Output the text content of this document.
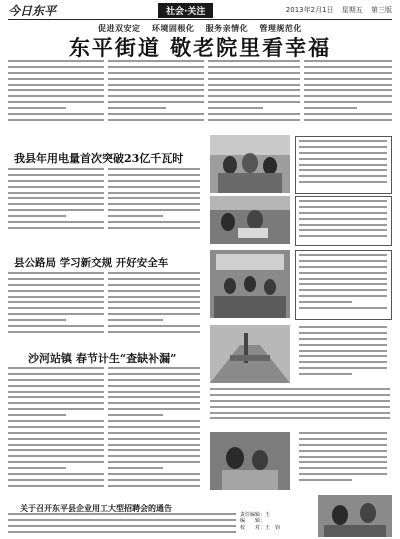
今日东平	社会·关注	2013年2月1日 星期五 第三版
促进双安定 环境固根化 服务亲情化 管理规范化
东平街道 敬老院里看幸福
我县年用电量首次突破23亿千瓦时
县公路局 学习新交规 开好安全车
沙河站镇 春节计生“查缺补漏”
关于召开东平县企业用工大型招聘会的通告
责任编辑：王
编　　辑：
校　　对：王　钧
